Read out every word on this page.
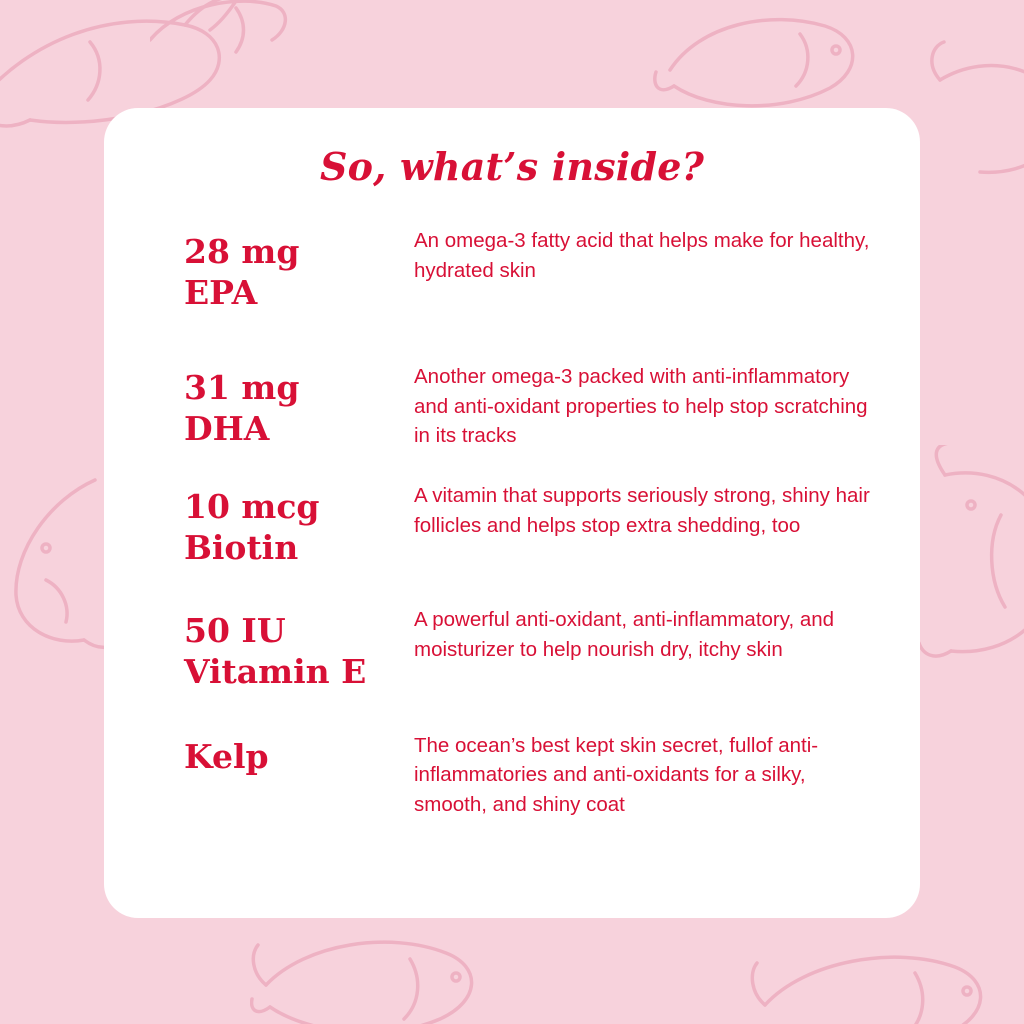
So, what’s inside?
28 mg
EPA
An omega-3 fatty acid that helps make for healthy, hydrated skin
31 mg
DHA
Another omega-3 packed with anti-inflammatory and anti-oxidant properties to help stop scratching in its tracks
10 mcg
Biotin
A vitamin that supports seriously strong, shiny hair follicles and helps stop extra shedding, too
50 IU
Vitamin E
A powerful anti-oxidant, anti-inflammatory, and moisturizer to help nourish dry, itchy skin
Kelp	The ocean’s best kept skin secret, fullof anti-inflammatories and anti-oxidants for a silky, smooth, and shiny coat
